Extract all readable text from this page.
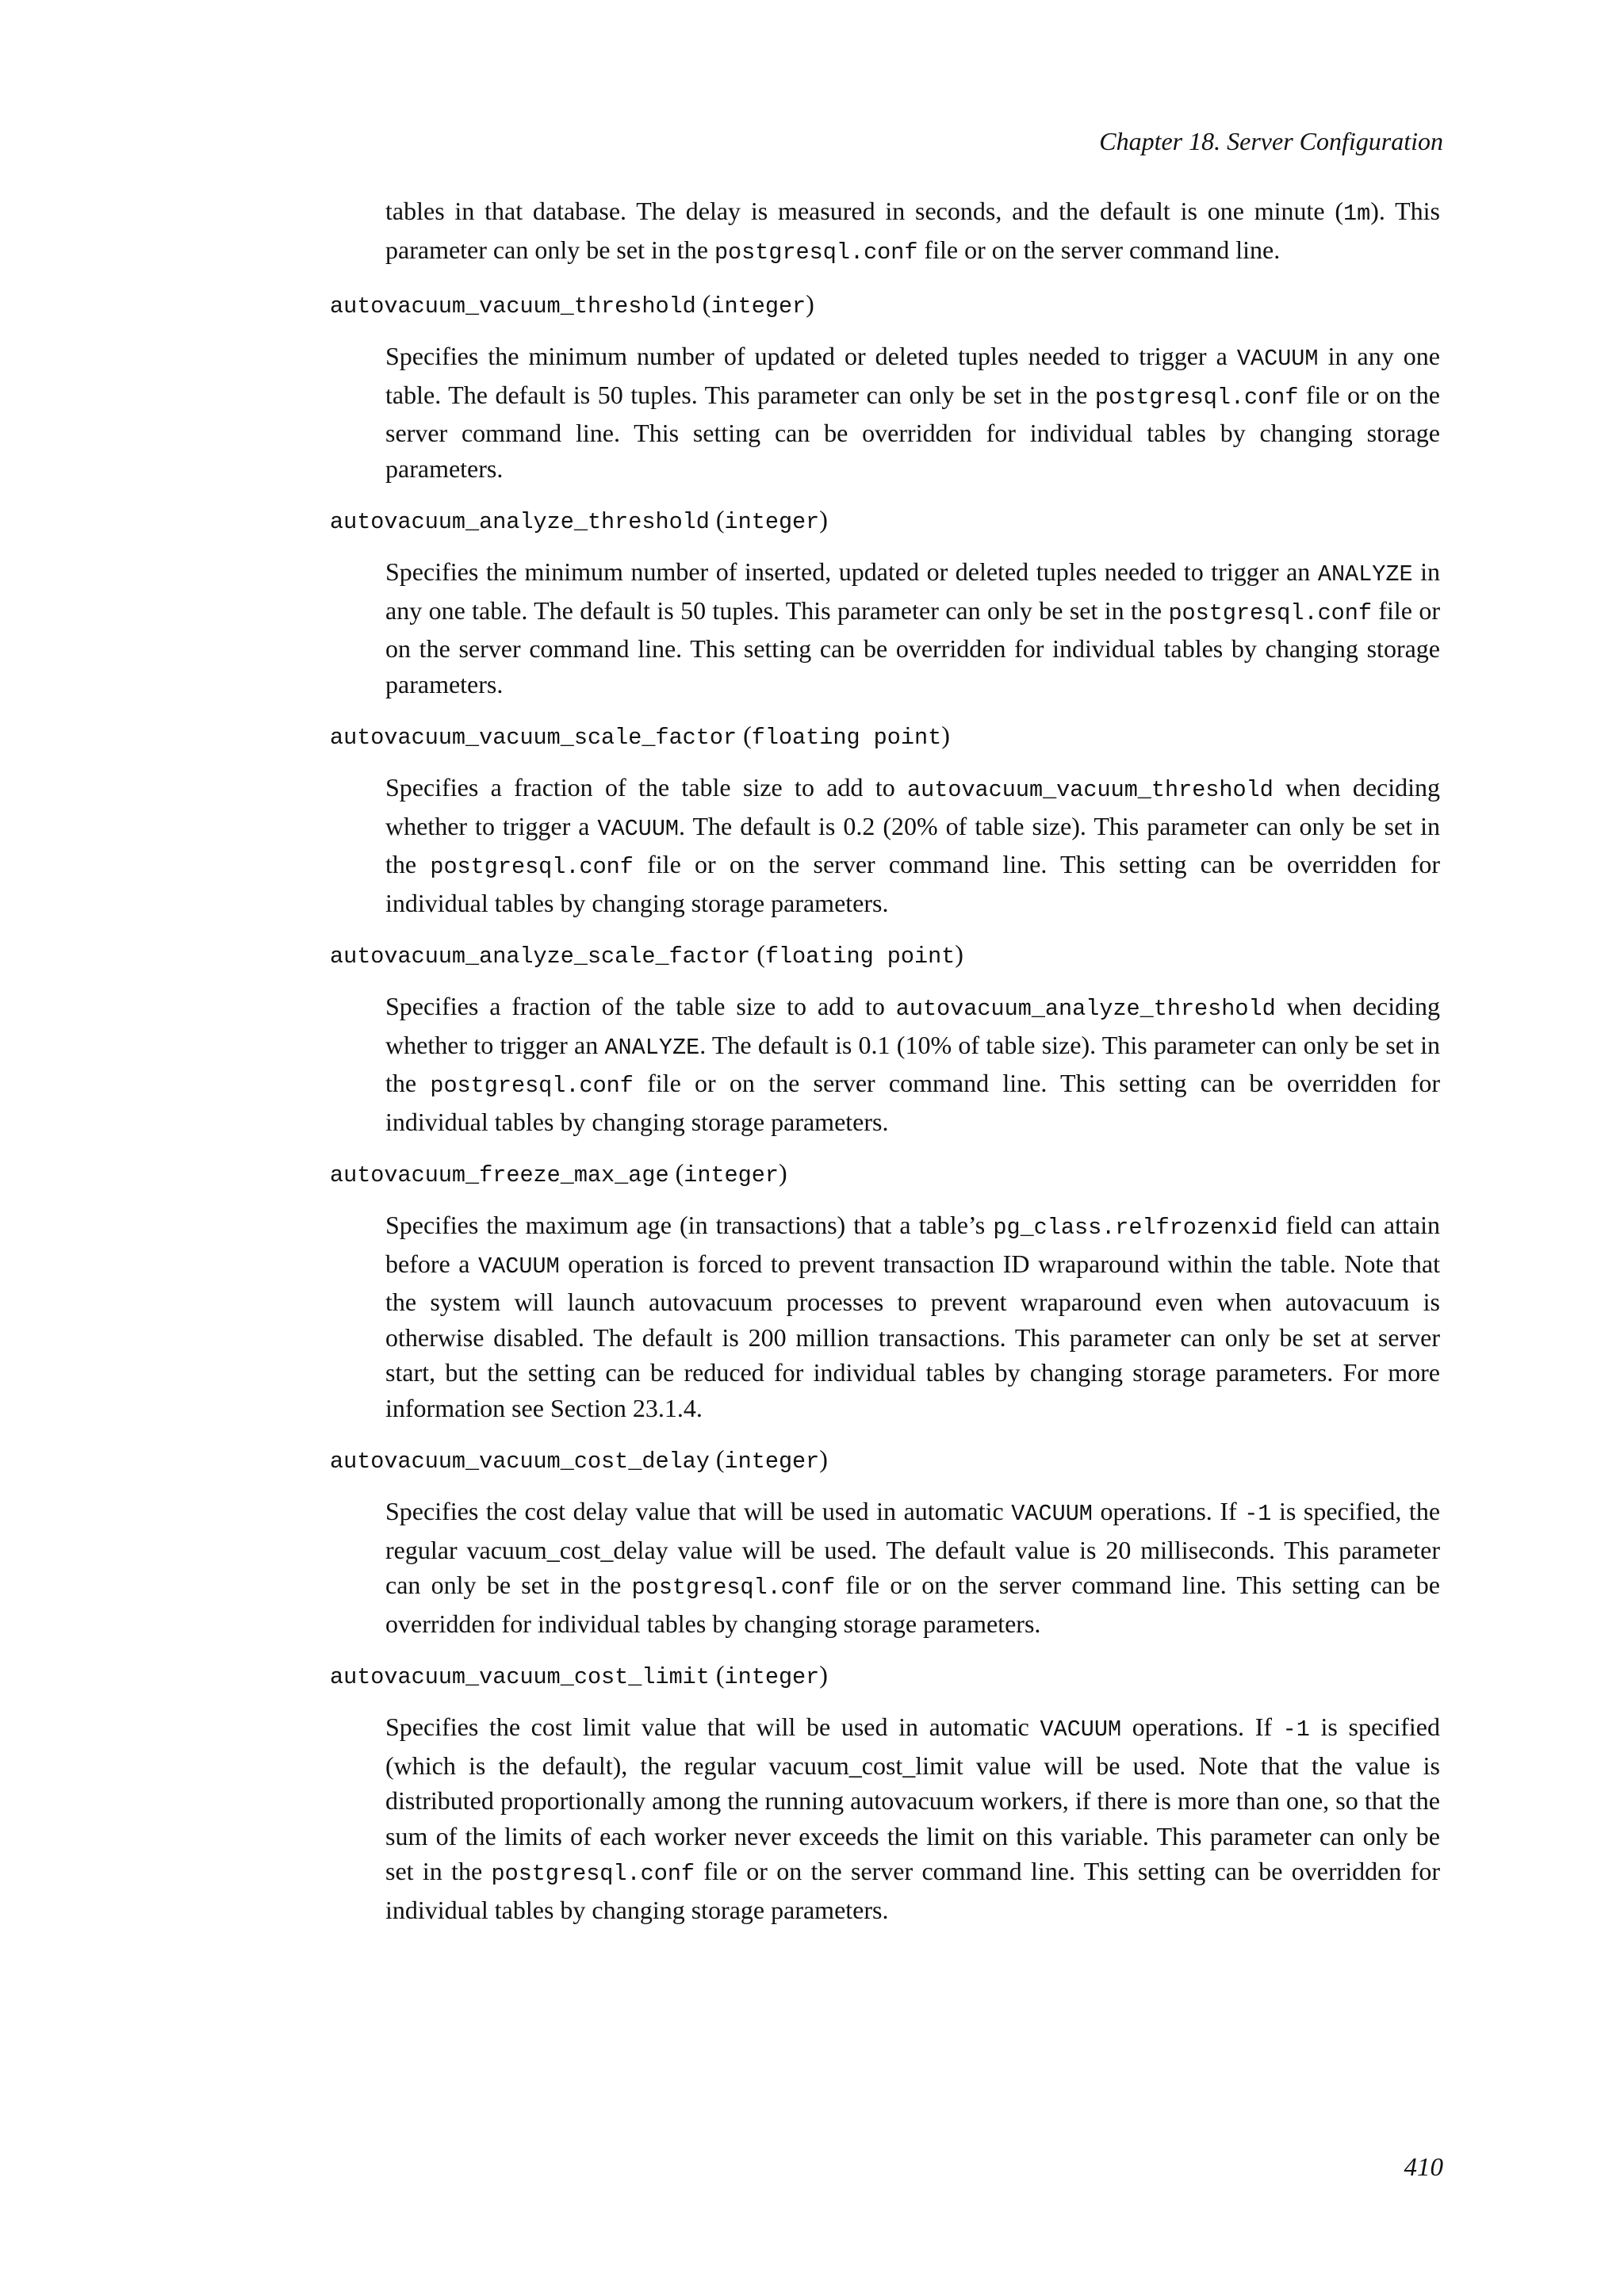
Chapter 18. Server Configuration

tables in that database. The delay is measured in seconds, and the default is one minute (1m). This parameter can only be set in the postgresql.conf file or on the server command line.

autovacuum_vacuum_threshold (integer)

Specifies the minimum number of updated or deleted tuples needed to trigger a VACUUM in any one table. The default is 50 tuples. This parameter can only be set in the postgresql.conf file or on the server command line. This setting can be overridden for individual tables by changing storage parameters.

autovacuum_analyze_threshold (integer)

Specifies the minimum number of inserted, updated or deleted tuples needed to trigger an ANALYZE in any one table. The default is 50 tuples. This parameter can only be set in the postgresql.conf file or on the server command line. This setting can be overridden for individual tables by changing storage parameters.

autovacuum_vacuum_scale_factor (floating point)

Specifies a fraction of the table size to add to autovacuum_vacuum_threshold when deciding whether to trigger a VACUUM. The default is 0.2 (20% of table size). This parameter can only be set in the postgresql.conf file or on the server command line. This setting can be overridden for individual tables by changing storage parameters.

autovacuum_analyze_scale_factor (floating point)

Specifies a fraction of the table size to add to autovacuum_analyze_threshold when deciding whether to trigger an ANALYZE. The default is 0.1 (10% of table size). This parameter can only be set in the postgresql.conf file or on the server command line. This setting can be overridden for individual tables by changing storage parameters.

autovacuum_freeze_max_age (integer)

Specifies the maximum age (in transactions) that a table’s pg_class.relfrozenxid field can attain before a VACUUM operation is forced to prevent transaction ID wraparound within the table. Note that the system will launch autovacuum processes to prevent wraparound even when autovacuum is otherwise disabled. The default is 200 million transactions. This parameter can only be set at server start, but the setting can be reduced for individual tables by changing storage parameters. For more information see Section 23.1.4.

autovacuum_vacuum_cost_delay (integer)

Specifies the cost delay value that will be used in automatic VACUUM operations. If -1 is specified, the regular vacuum_cost_delay value will be used. The default value is 20 milliseconds. This parameter can only be set in the postgresql.conf file or on the server command line. This setting can be overridden for individual tables by changing storage parameters.

autovacuum_vacuum_cost_limit (integer)

Specifies the cost limit value that will be used in automatic VACUUM operations. If -1 is specified (which is the default), the regular vacuum_cost_limit value will be used. Note that the value is distributed proportionally among the running autovacuum workers, if there is more than one, so that the sum of the limits of each worker never exceeds the limit on this variable. This parameter can only be set in the postgresql.conf file or on the server command line. This setting can be overridden for individual tables by changing storage parameters.

410
